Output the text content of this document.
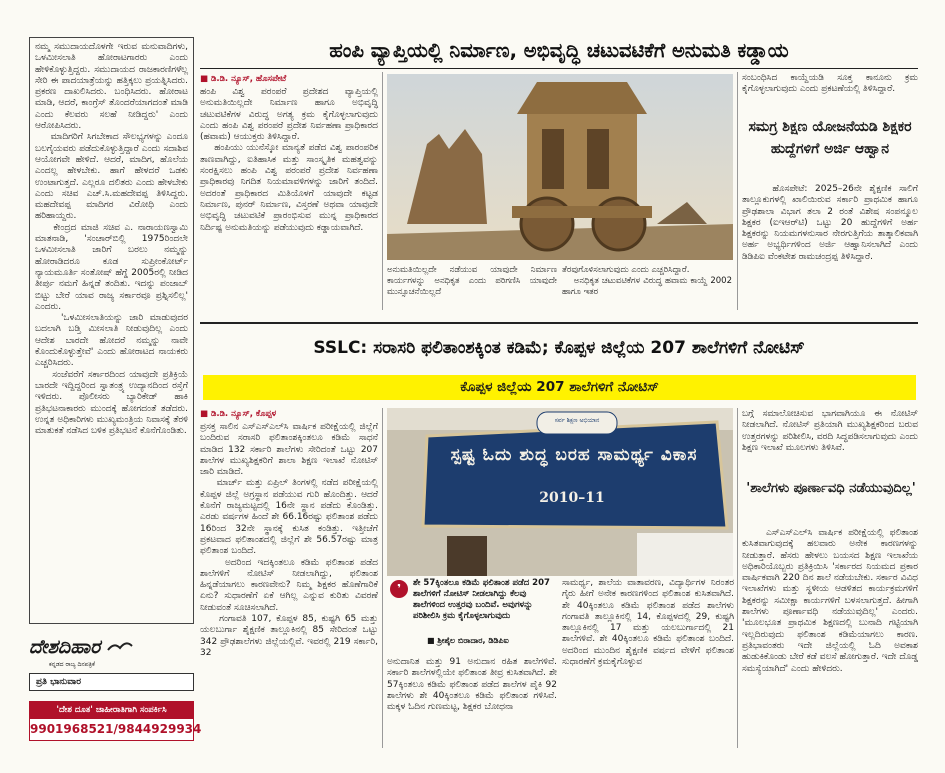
ನಮ್ಮ ಸಮುದಾಯದೊಳಗೇ ಇರುವ ಮನುವಾದಿಗಳು, ಒಳಮೀಸಲಾತಿ ಹೋರಾಟಗಾರರು ಎಂದು ಹೇಳಿಕೊಳ್ಳುತ್ತಿದ್ದರು. ಸಮುದಾಯದ ರಾಜಕಾರಣಿಗಳೆಲ್ಲ ಸೇರಿ ಈ ಪಾದಯಾತ್ರೆಯನ್ನು ಹತ್ತಿಕ್ಕಲು ಪ್ರಯತ್ನಿಸಿದರು. ಪ್ರಕರಣ ದಾಖಲಿಸಿದರು. ಬಂಧಿಸಿದರು. ಹೋರಾಟ ಮಾಡಿ, ಆದರೆ, ಕಾಂಗ್ರೆಸ್ ತೊಂದರೆಯಾಗದಂತೆ ಮಾಡಿ ಎಂದು ಕೆಲವರು ಸಲಹೆ ನೀಡಿದ್ದರು' ಎಂದು ಆರೋಪಿಸಿದರು.
ಮಾದಿಗರಿಗೆ ಸಿಗಬೇಕಾದ ಸೌಲಭ್ಯಗಳನ್ನು ಎಂದೂ ಬಲಗೈಯವರು ಪಡೆದುಕೊಳ್ಳುತ್ತಿದ್ದಾರೆ ಎಂದು ಸದಾಶಿವ ಆಯೋಗವೇ ಹೇಳಿದೆ. ಆದರೆ, ಮಾದಿಗ, ಹೊಲೆಯ ಎಂದಲ್ಲ ಹೇಳಬೇಕು. ಹಾಗೆ ಹೇಳದರೆ ಒಡಕು ಉಂಟಾಗುತ್ತದೆ. ಎಲ್ಲರೂ ದಲಿತರು ಎಂದು ಹೇಳಬೇಕು ಎಂದು ಸಚಿವ ಎಚ್.ಸಿ.ಮಹದೇವಪ್ಪ ತಿಳಿಸಿದ್ದರು. ಮಹದೇವಪ್ಪ ಮಾದಿಗರ ವಿರೋಧಿ ಎಂದು ಹರಿಹಾಯ್ದರು.
ಕೇಂದ್ರದ ಮಾಜಿ ಸಚಿವ ಎ. ನಾರಾಯಣಸ್ವಾಮಿ ಮಾತನಾಡಿ, 'ಸಂಚಾರ್‌ಬಿಲ್ಲಿ 1975ರಿಂದಲೇ ಒಳಮೀಸಲಾತಿ ಜಾರಿಗೆ ಬರಲು ನಮ್ಮನ್ನು ಹೋರಾಡಿದರೂ ಕೂಡ ಸುಪ್ರೀಂಕೋರ್ಟ್ ನ್ಯಾಯಮೂರ್ತಿ ಸಂತೋಷ್ ಹೆಗ್ಡೆ 2005ರಲ್ಲಿ ನೀಡಿದ ತೀರ್ಪು ನಮಗೆ ಹಿನ್ನಡೆ ತಂದಿತು. ಇದನ್ನು ಪಂಜಾಬ್ ಬಿಟ್ಟು ಬೇರೆ ಯಾವ ರಾಜ್ಯ ಸರ್ಕಾರವೂ ಪ್ರಶ್ನಿಸಲಿಲ್ಲ' ಎಂದರು.
'ಒಳಮೀಸಲಾತಿಯನ್ನು ಜಾರಿ ಮಾಡುವುದರ ಬದಲಾಗಿ ಬಡ್ತಿ ಮೀಸಲಾತಿ ನೀಡುವುದಿಲ್ಲ ಎಂದು ಆದೇಶ ಬಾರದೇ ಹೋದರೆ ನಮ್ಮನ್ನು ನಾವೇ ಕೊಂದುಕೊಳ್ಳುತ್ತೇವೆ' ಎಂದು ಹೋರಾಟದ ನಾಯಕರು ಎಚ್ಚರಿಸಿದರು.
ಸಂಜೆವರೆಗೆ ಸರ್ಕಾರದಿಂದ ಯಾವುದೇ ಪ್ರತಿಕ್ರಿಯೆ ಬಾರದೇ ಇದ್ದಿದ್ದರಿಂದ ಸ್ವಾತಂತ್ರ್ಯ ಉದ್ಯಾನದಿಂದ ರಸ್ತೆಗೆ ಇಳಿದರು. ಪೊಲೀಸರು ಬ್ಯಾರಿಕೇಡ್ ಹಾಕಿ ಪ್ರತಿಭಟನಾಕಾರರು ಮುಂದಕ್ಕೆ ಹೋಗದಂತೆ ತಡೆದರು. ಉನ್ನತ ಅಧಿಕಾರಿಗಳು ಮುಖ್ಯಮಂತ್ರಿಯ ನಿವಾಸಕ್ಕೆ ತೆರಳಿ ಮಾತುಕತೆ ನಡೆಸಿದ ಬಳಿಕ ಪ್ರತಿಭಟನೆ ಕೊನೆಗೊಂಡಿತು.
ದೇಶದಿಹಾರ
ಕನ್ನಡದ ರಾಜ್ಯ ದಿನಪತ್ರಿಕೆ
ಪ್ರತಿ ಭಾನುವಾರ
'ದೇಶ ದೂತ' ಜಾಹೀರಾತಿಗಾಗಿ ಸಂಪರ್ಕಿಸಿ
9901968521/9844929934
ಹಂಪಿ ವ್ಯಾಪ್ತಿಯಲ್ಲಿ ನಿರ್ಮಾಣ, ಅಭಿವೃದ್ಧಿ ಚಟುವಟಿಕೆಗೆ ಅನುಮತಿ ಕಡ್ಡಾಯ
■ ಡಿ.ಡಿ. ನ್ಯೂಸ್, ಹೊಸಪೇಟೆ
ಹಂಪಿ ವಿಶ್ವ ಪರಂಪರೆ ಪ್ರದೇಶದ ವ್ಯಾಪ್ತಿಯಲ್ಲಿ ಅನುಮತಿಯಿಲ್ಲದೇ ನಿರ್ಮಾಣ ಹಾಗೂ ಅಭಿವೃದ್ಧಿ ಚಟುವಟಿಕೆಗಳ ವಿರುದ್ಧ ಅಗತ್ಯ ಕ್ರಮ ಕೈಗೊಳ್ಳಲಾಗುವುದು ಎಂದು ಹಂಪಿ ವಿಶ್ವ ಪರಂಪರೆ ಪ್ರದೇಶ ನಿರ್ವಹಣಾ ಪ್ರಾಧಿಕಾರದ (ಹವಾಮ) ಆಯುಕ್ತರು ತಿಳಿಸಿದ್ದಾರೆ.
ಹಂಪಿಯು ಯುನೆಸ್ಕೋ ಮಾನ್ಯತೆ ಪಡೆದ ವಿಶ್ವ ಪಾರಂಪರಿಕ ತಾಣವಾಗಿದ್ದು, ಐತಿಹಾಸಿಕ ಮತ್ತು ಸಾಂಸ್ಕೃತಿಕ ಮಹತ್ವವನ್ನು ಸಂರಕ್ಷಿಸಲು ಹಂಪಿ ವಿಶ್ವ ಪರಂಪರೆ ಪ್ರದೇಶ ನಿರ್ವಹಣಾ ಪ್ರಾಧಿಕಾರವು ನಿಗದಿತ ನಿಯಮಾವಳಿಗಳನ್ನು ಜಾರಿಗೆ ತಂದಿದೆ. ಅದರಂತೆ ಪ್ರಾಧಿಕಾರದ ಮಿತಿಯೊಳಗೆ ಯಾವುದೇ ಕಟ್ಟಡ ನಿರ್ಮಾಣ, ಪುನರ್ ನಿರ್ಮಾಣ, ವಿಸ್ತರಣೆ ಅಥವಾ ಯಾವುದೇ ಅಭಿವೃದ್ಧಿ ಚಟುವಟಿಕೆ ಪ್ರಾರಂಭಿಸುವ ಮುನ್ನ ಪ್ರಾಧಿಕಾರದ ನಿರ್ದಿಷ್ಟ ಅನುಮತಿಯನ್ನು ಪಡೆಯುವುದು ಕಡ್ಡಾಯವಾಗಿದೆ.
ಅನುಮತಿಯಿಲ್ಲದೇ ನಡೆಯುವ ಯಾವುದೇ ನಿರ್ಮಾಣ ಕಾರ್ಯಗಳನ್ನು ಅನಧಿಕೃತ ಎಂದು ಪರಿಗಣಿಸಿ ಯಾವುದೇ ಮುನ್ಸೂಚನೆಯಿಲ್ಲದೆ
ತೆರವುಗೊಳಿಸಲಾಗುವುದು ಎಂದು ಎಚ್ಚರಿಸಿದ್ದಾರೆ.
ಅನಧಿಕೃತ ಚಟುವಟಿಕೆಗಳ ವಿರುದ್ಧ ಹವಾಮ ಕಾಯ್ದೆ 2002 ಹಾಗೂ ಇತರ
ಸಂಬಂಧಿಸಿದ ಕಾಯ್ದೆಯಡಿ ಸೂಕ್ತ ಕಾನೂನು ಕ್ರಮ ಕೈಗೊಳ್ಳಲಾಗುವುದು ಎಂದು ಪ್ರಕಟಣೆಯಲ್ಲಿ ತಿಳಿಸಿದ್ದಾರೆ.
ಸಮಗ್ರ ಶಿಕ್ಷಣ ಯೋಜನೆಯಡಿ ಶಿಕ್ಷಕರ ಹುದ್ದೆಗಳಿಗೆ ಅರ್ಜಿ ಆಹ್ವಾನ
ಹೊಸಪೇಟೆ: 2025–26ನೇ ಶೈಕ್ಷಣಿಕ ಸಾಲಿಗೆ ತಾಲ್ಲೂಕುಗಳಲ್ಲಿ ಖಾಲಿಯಿರುವ ಸರ್ಕಾರಿ ಪ್ರಾಥಮಿಕ ಹಾಗೂ ಪ್ರೌಢಶಾಲಾ ವಿಭಾಗ ತಲಾ 2 ರಂತೆ ವಿಶೇಷ ಸಂಪನ್ಮೂಲ ಶಿಕ್ಷಕರ (ಐಇಆರ್‌ಟಿ) ಒಟ್ಟು 20 ಹುದ್ದೆಗಳಿಗೆ ಅರ್ಹ ಶಿಕ್ಷಕರನ್ನು ನಿಯಮಗಳನುಸಾರ ನೇರಗುತ್ತಿಗೆಯ ತಾತ್ಕಾಲಿಕವಾಗಿ ಅರ್ಹ ಅಭ್ಯರ್ಥಿಗಳಿಂದ ಅರ್ಜಿ ಆಹ್ವಾನಿಸಲಾಗಿದೆ ಎಂದು ಡಿಡಿಪಿಐ ವೆಂಕಟೇಶ ರಾಮಚಂದ್ರಪ್ಪ ತಿಳಿಸಿದ್ದಾರೆ.
SSLC: ಸರಾಸರಿ ಫಲಿತಾಂಶಕ್ಕಿಂತ ಕಡಿಮೆ; ಕೊಪ್ಪಳ ಜಿಲ್ಲೆಯ 207 ಶಾಲೆಗಳಿಗೆ ನೋಟಿಸ್
ಕೊಪ್ಪಳ ಜಿಲ್ಲೆಯ 207 ಶಾಲೆಗಳಿಗೆ ನೋಟಿಸ್
■ ಡಿ.ಡಿ. ನ್ಯೂಸ್, ಕೊಪ್ಪಳ
ಪ್ರಸಕ್ತ ಸಾಲಿನ ಎಸ್‌ಎಸ್‌ಎಲ್‌ಸಿ ವಾರ್ಷಿಕ ಪರೀಕ್ಷೆಯಲ್ಲಿ ಜಿಲ್ಲೆಗೆ ಬಂದಿರುವ ಸರಾಸರಿ ಫಲಿತಾಂಶಕ್ಕಿಂತಲೂ ಕಡಿಮೆ ಸಾಧನೆ ಮಾಡಿದ 132 ಸರ್ಕಾರಿ ಶಾಲೆಗಳು ಸೇರಿದಂತೆ ಒಟ್ಟು 207 ಶಾಲೆಗಳ ಮುಖ್ಯಶಿಕ್ಷಕರಿಗೆ ಶಾಲಾ ಶಿಕ್ಷಣ ಇಲಾಖೆ ನೋಟಿಸ್ ಜಾರಿ ಮಾಡಿದೆ.
ಮಾರ್ಚ್ ಮತ್ತು ಏಪ್ರಿಲ್ ತಿಂಗಳಲ್ಲಿ ನಡೆದ ಪರೀಕ್ಷೆಯಲ್ಲಿ ಕೊಪ್ಪಳ ಜಿಲ್ಲೆ ಅಗ್ರಸ್ಥಾನ ಪಡೆಯುವ ಗುರಿ ಹೊಂದಿತ್ತು. ಆದರೆ ಕೊನೆಗೆ ರಾಜ್ಯಮಟ್ಟದಲ್ಲಿ 16ನೇ ಸ್ಥಾನ ಪಡೆದು ಕೊಂಡಿತ್ತು. ಎರಡು ವರ್ಷಗಳ ಹಿಂದೆ ಶೇ 66.16ರಷ್ಟು ಫಲಿತಾಂಶ ಪಡೆದು 16ರಿಂದ 32ನೇ ಸ್ಥಾನಕ್ಕೆ ಕುಸಿತ ಕಂಡಿತ್ತು. ಇತ್ತೀಚೆಗೆ ಪ್ರಕಟವಾದ ಫಲಿತಾಂಶದಲ್ಲಿ ಜಿಲ್ಲೆಗೆ ಶೇ 56.57ರಷ್ಟು ಮಾತ್ರ ಫಲಿತಾಂಶ ಬಂದಿದೆ.
ಅದರಿಂದ ಇದಕ್ಕಿಂತಲೂ ಕಡಿಮೆ ಫಲಿತಾಂಶ ಪಡೆದ ಶಾಲೆಗಳಿಗೆ ನೋಟಿಸ್ ನೀಡಲಾಗಿದ್ದು, ಫಲಿತಾಂಶ ಹಿನ್ನಡೆಯಾಗಲು ಕಾರಣವೇನು? ನಿಮ್ಮ ಶಿಕ್ಷಕರ ಹೊಣೆಗಾರಿಕೆ ಏನು? ಸುಧಾರಣೆಗೆ ಏಕೆ ಆಗಿಲ್ಲ ಎನ್ನುವ ಕುರಿತು ವಿವರಣೆ ನೀಡುವಂತೆ ಸೂಚಿಸಲಾಗಿದೆ.
ಗಂಗಾವತಿ 107, ಕೊಪ್ಪಳ 85, ಕುಷ್ಟಗಿ 65 ಮತ್ತು ಯಲಬುರ್ಗಾ ಶೈಕ್ಷಣಿಕ ತಾಲ್ಲೂಕಿನಲ್ಲಿ 85 ಸೇರಿದಂತೆ ಒಟ್ಟು 342 ಪ್ರೌಢಶಾಲೆಗಳು ಜಿಲ್ಲೆಯಲ್ಲಿವೆ. ಇವರಲ್ಲಿ 219 ಸರ್ಕಾರಿ, 32
ಸರ್ವ ಶಿಕ್ಷಣ ಅಭಿಯಾನ
ಸ್ಪಷ್ಟ ಓದು ಶುದ್ಧ ಬರಹ ಸಾಮರ್ಥ್ಯ ವಿಕಾಸ
2010–11
❜	ಶೇ 57ಕ್ಕಿಂತಲೂ ಕಡಿಮೆ ಫಲಿತಾಂಶ ಪಡೆದ 207 ಶಾಲೆಗಳಿಗೆ ನೋಟಿಸ್ ನೀಡಲಾಗಿದ್ದು ಕೆಲವು ಶಾಲೆಗಳಿಂದ ಉತ್ತರವು ಬಂದಿವೆ. ಅವುಗಳನ್ನು ಪರಿಶೀಲಿಸಿ ಕ್ರಮ ಕೈಗೊಳ್ಳಲಾಗುವುದು
■ ಶ್ರೀಶೈಲ ಬಿರಾದಾರ, ಡಿಡಿಪಿಐ
ಅನುದಾನಿತ ಮತ್ತು 91 ಅನುದಾನ ರಹಿತ ಶಾಲೆಗಳಿವೆ. ಸರ್ಕಾರಿ ಶಾಲೆಗಳಲ್ಲಿಯೇ ಫಲಿತಾಂಶ ತೀವ್ರ ಕುಸಿತವಾಗಿದೆ. ಶೇ 57ಕ್ಕಿಂತಲೂ ಕಡಿಮೆ ಫಲಿತಾಂಶ ಪಡೆದ ಶಾಲೆಗಳ ಪೈಕಿ 92 ಶಾಲೆಗಳು ಶೇ 40ಕ್ಕಿಂತಲೂ ಕಡಿಮೆ ಫಲಿತಾಂಶ ಗಳಿಸಿವೆ. ಮಕ್ಕಳ ಓದಿನ ಗುಣಮಟ್ಟ, ಶಿಕ್ಷಕರ ಬೋಧನಾ
ಸಾಮರ್ಥ್ಯ, ಶಾಲೆಯ ವಾತಾವರಣ, ವಿದ್ಯಾರ್ಥಿಗಳ ನಿರಂತರ ಗೈರು ಹೀಗೆ ಅನೇಕ ಕಾರಣಗಳಿಂದ ಫಲಿತಾಂಶ ಕುಸಿತವಾಗಿದೆ. ಶೇ 40ಕ್ಕಿಂತಲೂ ಕಡಿಮೆ ಫಲಿತಾಂಶ ಪಡೆದ ಶಾಲೆಗಳು ಗಂಗಾವತಿ ತಾಲ್ಲೂಕಿನಲ್ಲಿ 14, ಕೊಪ್ಪಳದಲ್ಲಿ 29, ಕುಷ್ಟಗಿ ತಾಲ್ಲೂಕಿನಲ್ಲಿ 17 ಮತ್ತು ಯಲಬುರ್ಗಾದಲ್ಲಿ 21 ಶಾಲೆಗಳಿವೆ. ಶೇ 40ಕ್ಕಿಂತಲೂ ಕಡಿಮೆ ಫಲಿತಾಂಶ ಬಂದಿದೆ. ಅದರಿಂದ ಮುಂದಿನ ಶೈಕ್ಷಣಿಕ ವರ್ಷದ ವೇಳೆಗೆ ಫಲಿತಾಂಶ ಸುಧಾರಣೆಗೆ ಕ್ರಮಕೈಗೊಳ್ಳುವ
ಬಗ್ಗೆ ಸಮಾಲೋಚಿಸುವ ಭಾಗವಾಗಿಯೂ ಈ ನೋಟಿಸ್ ನೀಡಲಾಗಿದೆ. ನೋಟಿಸ್ ಪ್ರತಿಯಾಗಿ ಮುಖ್ಯಶಿಕ್ಷಕರಿಂದ ಬರುವ ಉತ್ತರಗಳನ್ನು ಪರಿಶೀಲಿಸಿ, ವರದಿ ಸಿದ್ಧಪಡಿಸಲಾಗುವುದು ಎಂದು ಶಿಕ್ಷಣ ಇಲಾಖೆ ಮೂಲಗಳು ತಿಳಿಸಿವೆ.
'ಶಾಲೆಗಳು ಪೂರ್ಣಾವಧಿ ನಡೆಯುವುದಿಲ್ಲ'
ಎಸ್‌ಎಸ್‌ಎಲ್‌ಸಿ ವಾರ್ಷಿಕ ಪರೀಕ್ಷೆಯಲ್ಲಿ ಫಲಿತಾಂಶ ಕುಸಿತವಾಗುವುದಕ್ಕೆ ಹಲವಾರು ಅನೇಕ ಕಾರಣಗಳನ್ನು ನೀಡುತ್ತಾರೆ. ಹೆಸರು ಹೇಳಲು ಬಯಸದ ಶಿಕ್ಷಣ ಇಲಾಖೆಯ ಅಧಿಕಾರಿಯೊಬ್ಬರು ಪ್ರತಿಕ್ರಿಯಿಸಿ 'ಸರ್ಕಾರದ ನಿಯಮದ ಪ್ರಕಾರ ವಾರ್ಷಿಕವಾಗಿ 220 ದಿನ ಶಾಲೆ ನಡೆಯಬೇಕು. ಸರ್ಕಾರ ವಿವಿಧ ಇಲಾಖೆಗಳು ಮತ್ತು ಸ್ಥಳೀಯ ಆಡಳಿತದ ಕಾರ್ಯಕ್ರಮಗಳಿಗೆ ಶಿಕ್ಷಕರನ್ನು ಸಮೀಕ್ಷಾ ಕಾರ್ಯಗಳಿಗೆ ಬಳಸಲಾಗುತ್ತದೆ. ಹೀಗಾಗಿ ಶಾಲೆಗಳು ಪೂರ್ಣಾವಧಿ ನಡೆಯುವುದಿಲ್ಲ' ಎಂದರು. 'ಮೂಲಭೂತ ಪ್ರಾಥಮಿಕ ಶಿಕ್ಷಣದಲ್ಲಿ ಬುನಾದಿ ಗಟ್ಟಿಯಾಗಿ ಇಲ್ಲದಿರುವುದು ಫಲಿತಾಂಶ ಕಡಿಮೆಯಾಗಲು ಕಾರಣ. ಪ್ರತಿಭಾವಂತರು ಇದೇ ಜಿಲ್ಲೆಯಲ್ಲಿ ಓದಿ ಅವಕಾಶ ಹುಡುಕಿಕೊಂಡು ಬೇರೆ ಕಡೆ ವಲಸೆ ಹೋಗುತ್ತಾರೆ. ಇದೇ ದೊಡ್ಡ ಸಮಸ್ಯೆಯಾಗಿದೆ' ಎಂದು ಹೇಳಿದರು.
